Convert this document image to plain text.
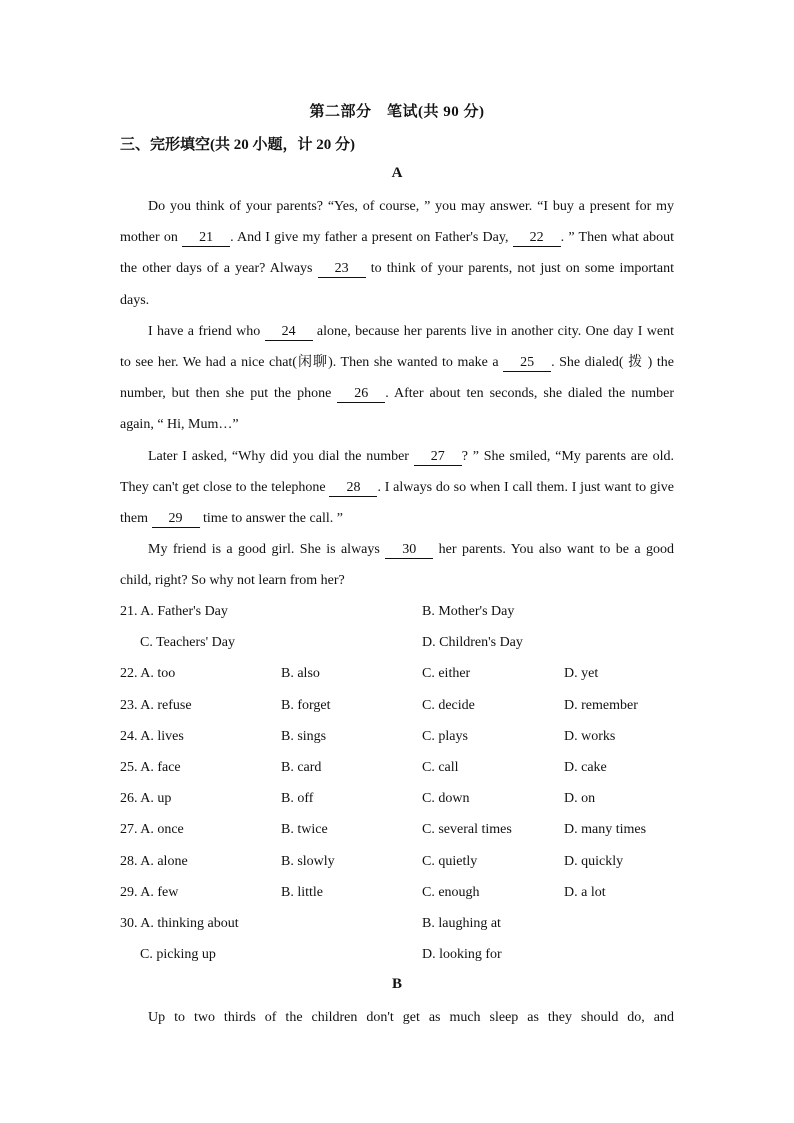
第二部分　笔试(共 90 分)
三、完形填空(共 20 小题，计 20 分)
A

Do you think of your parents? “Yes, of course, ” you may answer. “I buy a present for my mother on 21 . And I give my father a present on Father's Day, 22 . ” Then what about the other days of a year? Always 23 to think of your parents, not just on some important days.

I have a friend who 24 alone, because her parents live in another city. One day I went to see her. We had a nice chat(闲聊). Then she wanted to make a 25 . She dialed( 拨 ) the number, but then she put the phone 26 . After about ten seconds, she dialed the number again, “ Hi, Mum…”

Later I asked, “Why did you dial the number 27 ? ” She smiled, “My parents are old. They can't get close to the telephone 28 . I always do so when I call them. I just want to give them 29 time to answer the call. ”

My friend is a good girl. She is always 30 her parents. You also want to be a good child, right? So why not learn from her?

21. A. Father's Day	B. Mother's Day
C. Teachers' Day	D. Children's Day
22. A. too	B. also	C. either	D. yet
23. A. refuse	B. forget	C. decide	D. remember
24. A. lives	B. sings	C. plays	D. works
25. A. face	B. card	C. call	D. cake
26. A. up	B. off	C. down	D. on
27. A. once	B. twice	C. several times	D. many times
28. A. alone	B. slowly	C. quietly	D. quickly
29. A. few	B. little	C. enough	D. a lot
30. A. thinking about	B. laughing at
C. picking up	D. looking for
B

Up to two thirds of the children don't get as much sleep as they should do, and
